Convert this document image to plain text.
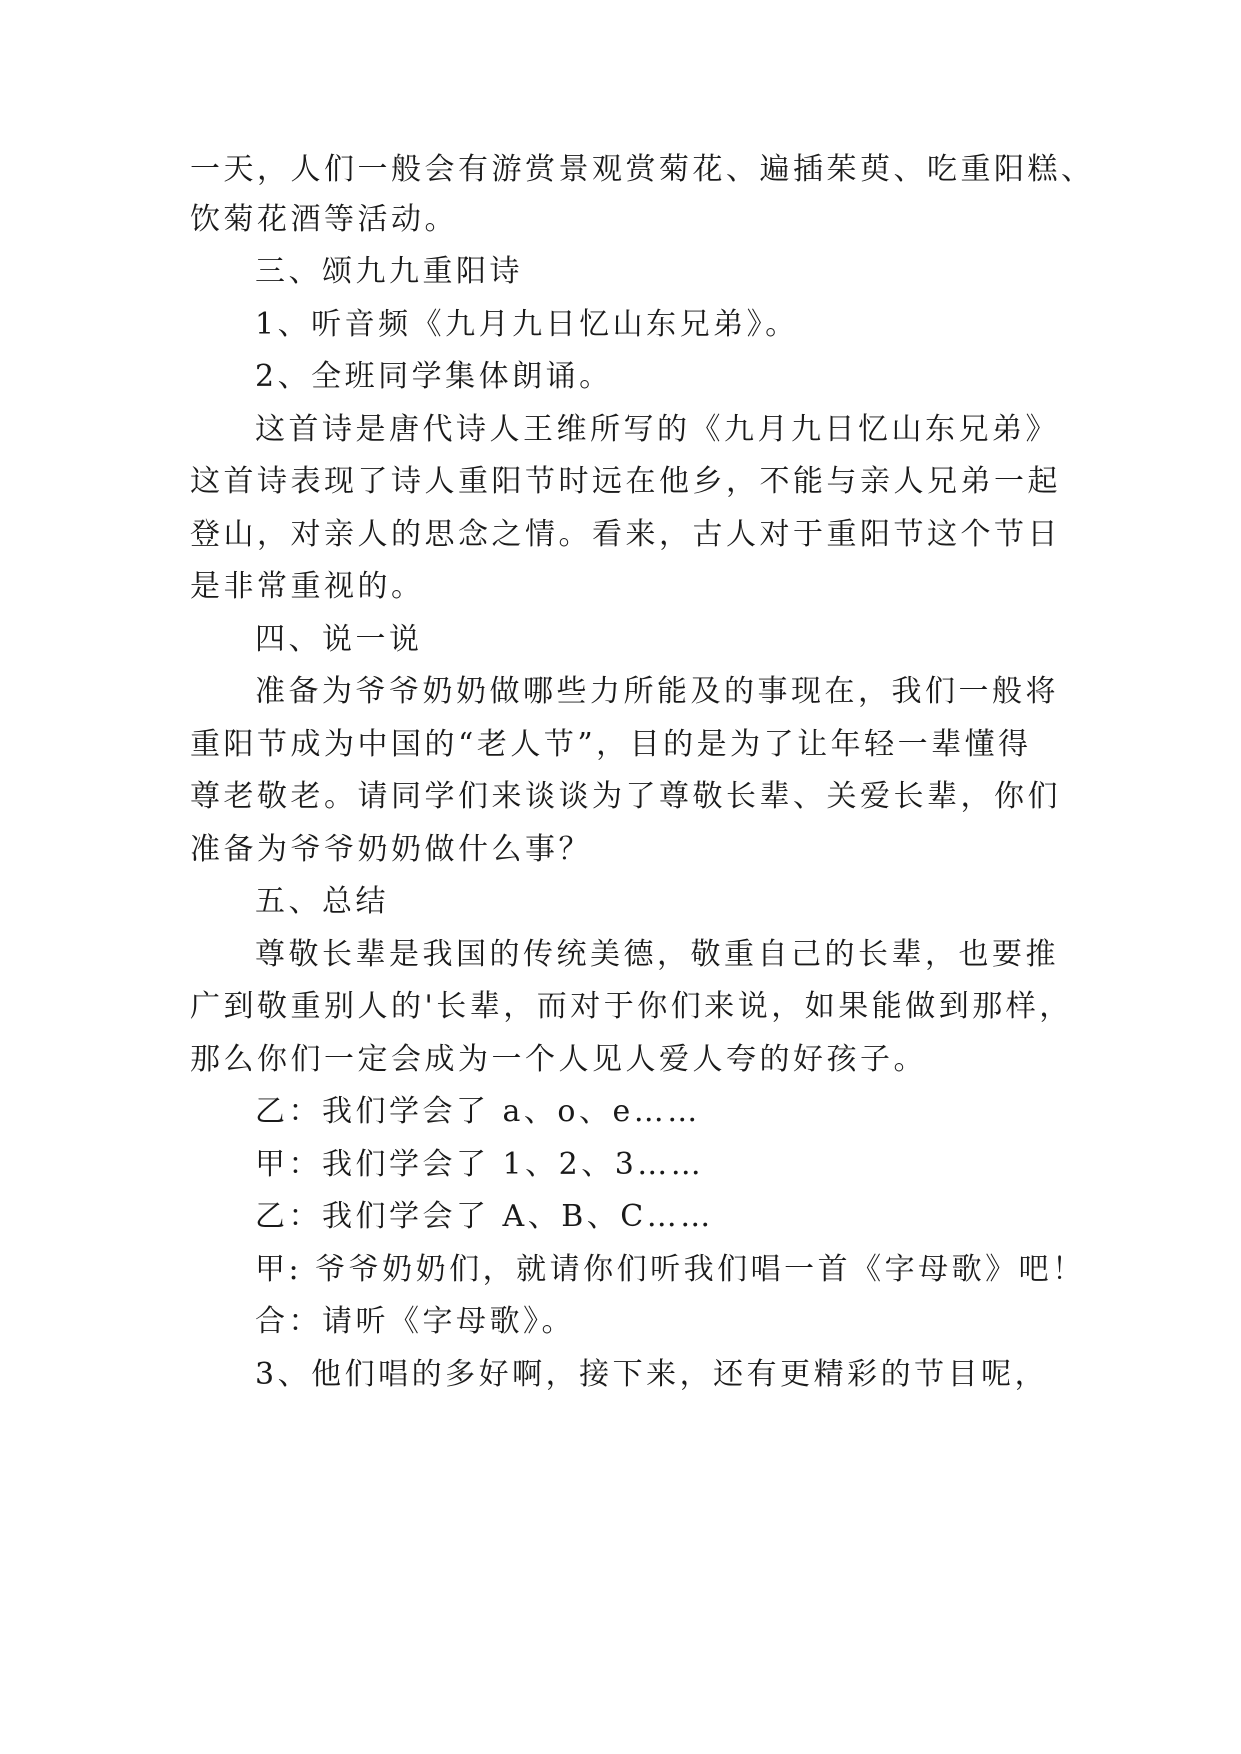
一天，人们一般会有游赏景观赏菊花、遍插茱萸、吃重阳糕、
饮菊花酒等活动。
三、颂九九重阳诗
1、听音频《九月九日忆山东兄弟》。
2、全班同学集体朗诵。
这首诗是唐代诗人王维所写的《九月九日忆山东兄弟》
这首诗表现了诗人重阳节时远在他乡，不能与亲人兄弟一起
登山，对亲人的思念之情。看来，古人对于重阳节这个节日
是非常重视的。
四、说一说
准备为爷爷奶奶做哪些力所能及的事现在，我们一般将
重阳节成为中国的“老人节”，目的是为了让年轻一辈懂得
尊老敬老。请同学们来谈谈为了尊敬长辈、关爱长辈，你们
准备为爷爷奶奶做什么事？
五、总结
尊敬长辈是我国的传统美德，敬重自己的长辈，也要推
广到敬重别人的'长辈，而对于你们来说，如果能做到那样，
那么你们一定会成为一个人见人爱人夸的好孩子。
乙：我们学会了 a、o、e……
甲：我们学会了 1、2、3……
乙：我们学会了 A、B、C……
甲: 爷爷奶奶们，就请你们听我们唱一首《字母歌》吧！
合：请听《字母歌》。
3、他们唱的多好啊，接下来，还有更精彩的节目呢，
